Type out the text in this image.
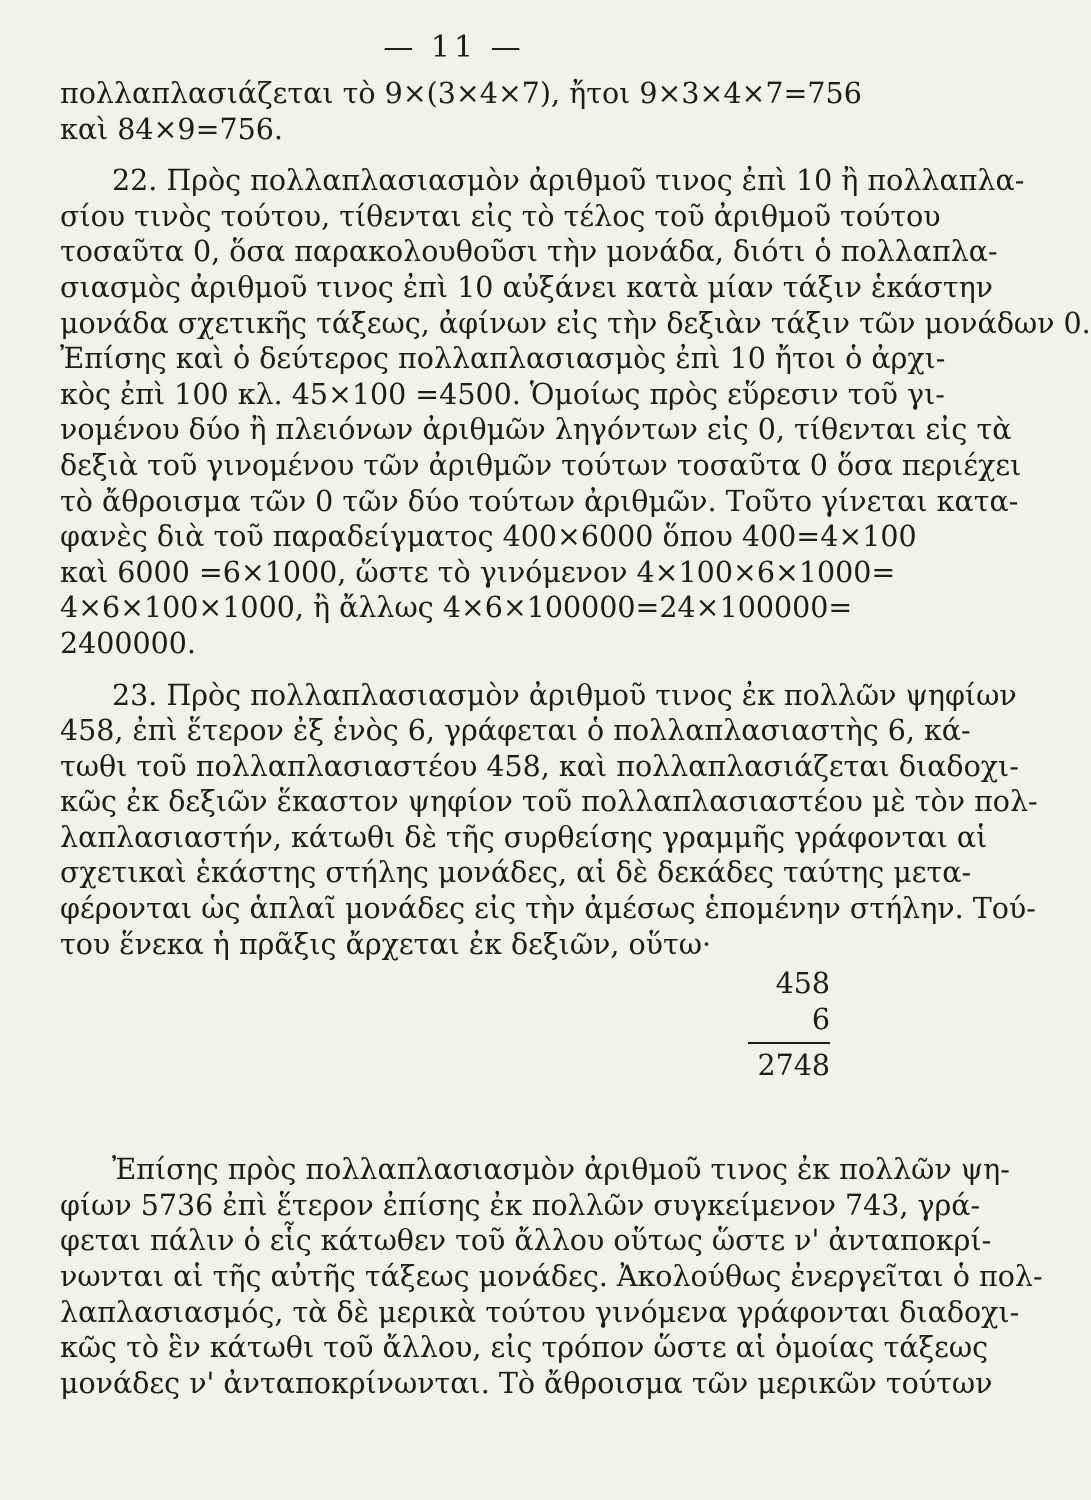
— 11 —
πολλαπλασιάζεται τὸ 9×(3×4×7), ἤτοι 9×3×4×7=756
καὶ 84×9=756.
22. Πρὸς πολλαπλασιασμὸν ἀριθμοῦ τινος ἐπὶ 10 ἢ πολλαπλα-
σίου τινὸς τούτου, τίθενται εἰς τὸ τέλος τοῦ ἀριθμοῦ τούτου
τοσαῦτα 0, ὅσα παρακολουθοῦσι τὴν μονάδα, διότι ὁ πολλαπλα-
σιασμὸς ἀριθμοῦ τινος ἐπὶ 10 αὐξάνει κατὰ μίαν τάξιν ἑκάστην
μονάδα σχετικῆς τάξεως, ἀφίνων εἰς τὴν δεξιὰν τάξιν τῶν μονάδων 0.
Ἐπίσης καὶ ὁ δεύτερος πολλαπλασιασμὸς ἐπὶ 10 ἤτοι ὁ ἀρχι-
κὸς ἐπὶ 100 κλ. 45×100 =4500. Ὁμοίως πρὸς εὕρεσιν τοῦ γι-
νομένου δύο ἢ πλειόνων ἀριθμῶν ληγόντων εἰς 0, τίθενται εἰς τὰ
δεξιὰ τοῦ γινομένου τῶν ἀριθμῶν τούτων τοσαῦτα 0 ὅσα περιέχει
τὸ ἄθροισμα τῶν 0 τῶν δύο τούτων ἀριθμῶν. Τοῦτο γίνεται κατα-
φανὲς διὰ τοῦ παραδείγματος 400×6000 ὅπου 400=4×100
καὶ 6000 =6×1000, ὥστε τὸ γινόμενον 4×100×6×1000=
4×6×100×1000, ἢ ἄλλως 4×6×100000=24×100000=
2400000.
23. Πρὸς πολλαπλασιασμὸν ἀριθμοῦ τινος ἐκ πολλῶν ψηφίων
458, ἐπὶ ἕτερον ἐξ ἑνὸς 6, γράφεται ὁ πολλαπλασιαστὴς 6, κά-
τωθι τοῦ πολλαπλασιαστέου 458, καὶ πολλαπλασιάζεται διαδοχι-
κῶς ἐκ δεξιῶν ἕκαστον ψηφίον τοῦ πολλαπλασιαστέου μὲ τὸν πολ-
λαπλασιαστήν, κάτωθι δὲ τῆς συρθείσης γραμμῆς γράφονται αἱ
σχετικαὶ ἑκάστης στήλης μονάδες, αἱ δὲ δεκάδες ταύτης μετα-
φέρονται ὡς ἁπλαῖ μονάδες εἰς τὴν ἀμέσως ἑπομένην στήλην. Τού-
του ἕνεκα ἡ πρᾶξις ἄρχεται ἐκ δεξιῶν, οὕτω·
458
6
2748
Ἐπίσης πρὸς πολλαπλασιασμὸν ἀριθμοῦ τινος ἐκ πολλῶν ψη-
φίων 5736 ἐπὶ ἕτερον ἐπίσης ἐκ πολλῶν συγκείμενον 743, γρά-
φεται πάλιν ὁ εἷς κάτωθεν τοῦ ἄλλου οὕτως ὥστε ν' ἀνταποκρί-
νωνται αἱ τῆς αὐτῆς τάξεως μονάδες. Ἀκολούθως ἐνεργεῖται ὁ πολ-
λαπλασιασμός, τὰ δὲ μερικὰ τούτου γινόμενα γράφονται διαδοχι-
κῶς τὸ ἓν κάτωθι τοῦ ἄλλου, εἰς τρόπον ὥστε αἱ ὁμοίας τάξεως
μονάδες ν' ἀνταποκρίνωνται. Τὸ ἄθροισμα τῶν μερικῶν τούτων
